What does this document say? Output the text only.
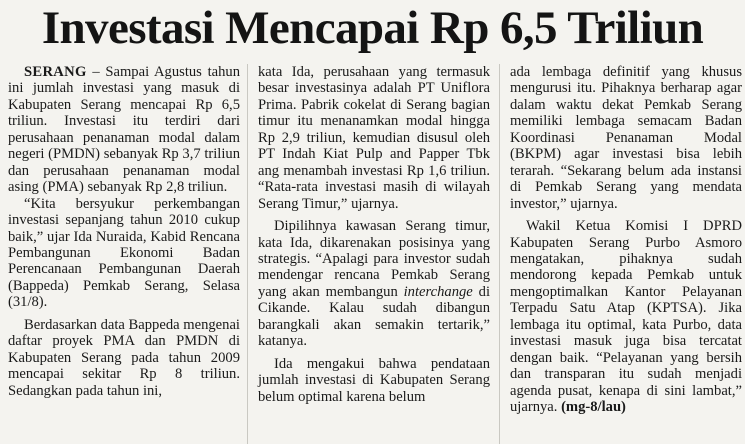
Investasi Mencapai Rp 6,5 Triliun

SERANG – Sampai Agustus tahun ini jumlah investasi yang masuk di Kabupaten Serang mencapai Rp 6,5 triliun. Investasi itu terdiri dari perusahaan penanaman modal dalam negeri (PMDN) sebanyak Rp 3,7 triliun dan perusahaan penanaman modal asing (PMA) sebanyak Rp 2,8 triliun.

“Kita bersyukur perkembangan investasi sepanjang tahun 2010 cukup baik,” ujar Ida Nuraida, Kabid Rencana Pembangunan Ekonomi Badan Perencanaan Pembangunan Daerah (Bappeda) Pemkab Serang, Selasa (31/8).

Berdasarkan data Bappeda mengenai daftar proyek PMA dan PMDN di Kabupaten Serang pada tahun 2009 mencapai sekitar Rp 8 triliun. Sedangkan pada tahun ini,

kata Ida, perusahaan yang termasuk besar investasinya adalah PT Uniflora Prima. Pabrik cokelat di Serang bagian timur itu menanamkan modal hingga Rp 2,9 triliun, kemudian disusul oleh PT Indah Kiat Pulp and Papper Tbk ang menambah investasi Rp 1,6 triliun. “Rata-rata investasi masih di wilayah Serang Timur,” ujarnya.

Dipilihnya kawasan Serang timur, kata Ida, dikarenakan posisinya yang strategis. “Apalagi para investor sudah mendengar rencana Pemkab Serang yang akan membangun interchange di Cikande. Kalau sudah dibangun barangkali akan semakin tertarik,” katanya.

Ida mengakui bahwa pendataan jumlah investasi di Kabupaten Serang belum optimal karena belum

ada lembaga definitif yang khusus mengurusi itu. Pihaknya berharap agar dalam waktu dekat Pemkab Serang memiliki lembaga semacam Badan Koordinasi Penanaman Modal (BKPM) agar investasi bisa lebih terarah. “Sekarang belum ada instansi di Pemkab Serang yang mendata investor,” ujarnya.

Wakil Ketua Komisi I DPRD Kabupaten Serang Purbo Asmoro mengatakan, pihaknya sudah mendorong kepada Pemkab untuk mengoptimalkan Kantor Pelayanan Terpadu Satu Atap (KPTSA). Jika lembaga itu optimal, kata Purbo, data investasi masuk juga bisa tercatat dengan baik. “Pelayanan yang bersih dan transparan itu sudah menjadi agenda pusat, kenapa di sini lambat,” ujarnya. (mg-8/lau)
